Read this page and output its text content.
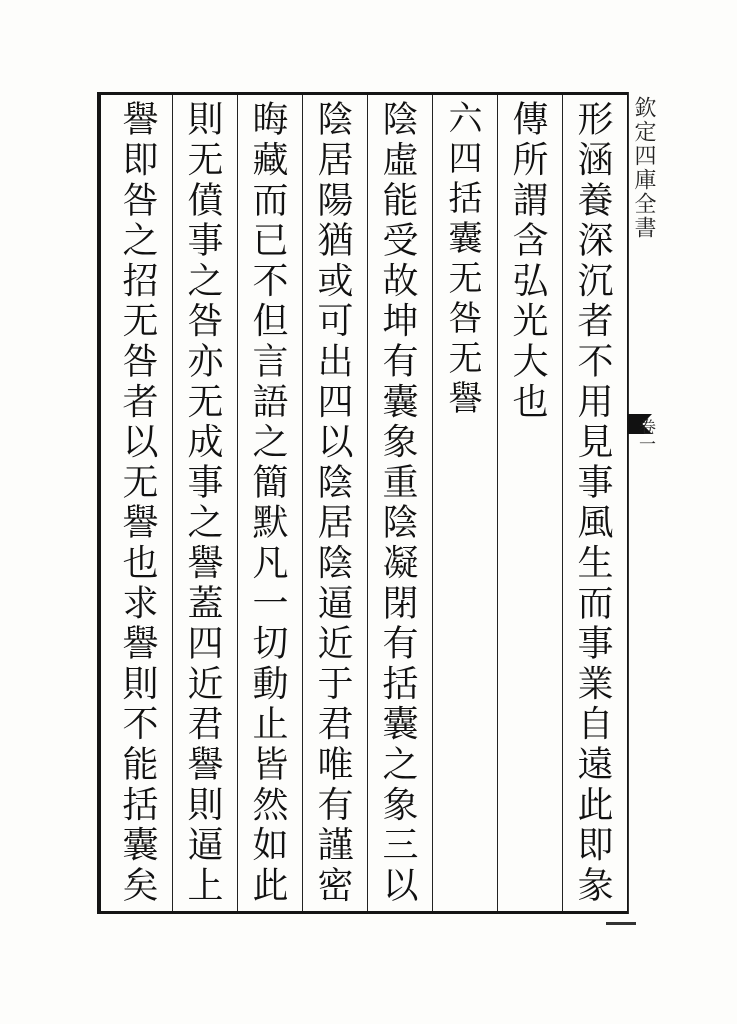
欽定四庫全書
卷一
形涵養深沉者不用見事風生而事業自遠此即彖
傳所謂含弘光大也
六四括囊无咎无譽
陰虛能受故坤有囊象重陰凝閉有括囊之象三以
陰居陽猶或可出四以陰居陰逼近于君唯有謹密
晦藏而已不但言語之簡默凡一切動止皆然如此
則无僨事之咎亦无成事之譽蓋四近君譽則逼上
譽即咎之招无咎者以无譽也求譽則不能括囊矣
